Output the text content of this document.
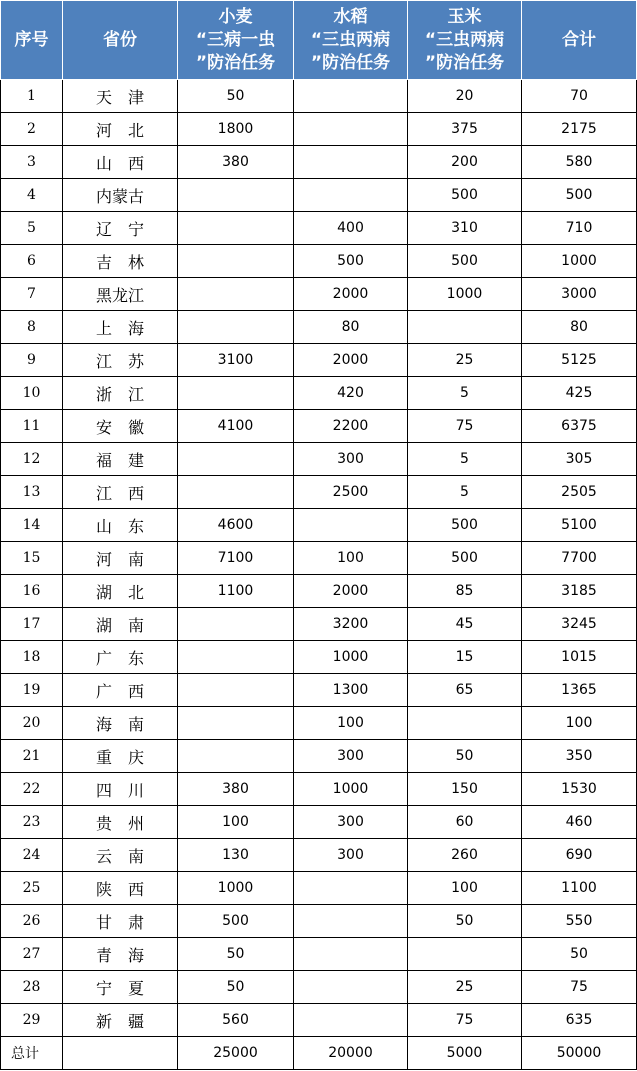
序号	省份	小麦
“三病一虫
”防治任务	水稻
“三虫两病
”防治任务	玉米
“三虫两病
”防治任务	合计

1	天　津	50		20	70
2	河　北	1800		375	2175
3	山　西	380		200	580
4	内蒙古			500	500
5	辽　宁		400	310	710
6	吉　林		500	500	1000
7	黑龙江		2000	1000	3000
8	上　海		80		80
9	江　苏	3100	2000	25	5125
10	浙　江		420	5	425
11	安　徽	4100	2200	75	6375
12	福　建		300	5	305
13	江　西		2500	5	2505
14	山　东	4600		500	5100
15	河　南	7100	100	500	7700
16	湖　北	1100	2000	85	3185
17	湖　南		3200	45	3245
18	广　东		1000	15	1015
19	广　西		1300	65	1365
20	海　南		100		100
21	重　庆		300	50	350
22	四　川	380	1000	150	1530
23	贵　州	100	300	60	460
24	云　南	130	300	260	690
25	陕　西	1000		100	1100
26	甘　肃	500		50	550
27	青　海	50			50
28	宁　夏	50		25	75
29	新　疆	560		75	635
总计		25000	20000	5000	50000
